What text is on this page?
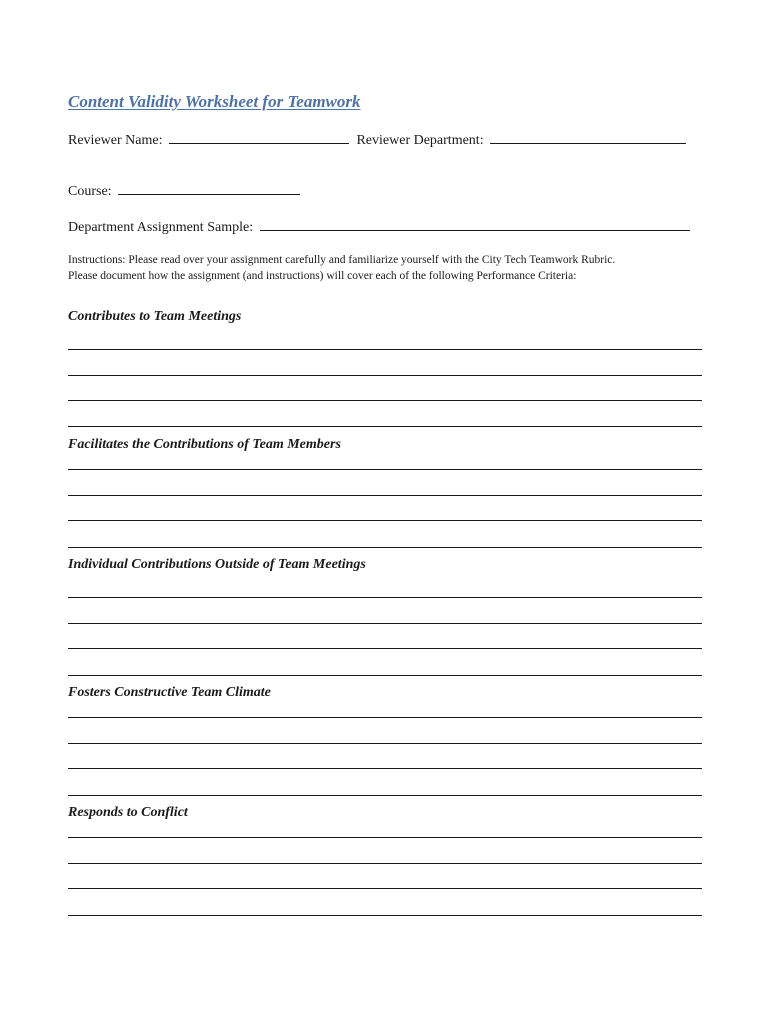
Content Validity Worksheet for Teamwork
Reviewer Name:	Reviewer Department:
Course:
Department Assignment Sample:
Instructions: Please read over your assignment carefully and familiarize yourself with the City Tech Teamwork Rubric.
Please document how the assignment (and instructions) will cover each of the following Performance Criteria:
Contributes to Team Meetings
Facilitates the Contributions of Team Members
Individual Contributions Outside of Team Meetings
Fosters Constructive Team Climate
Responds to Conflict
